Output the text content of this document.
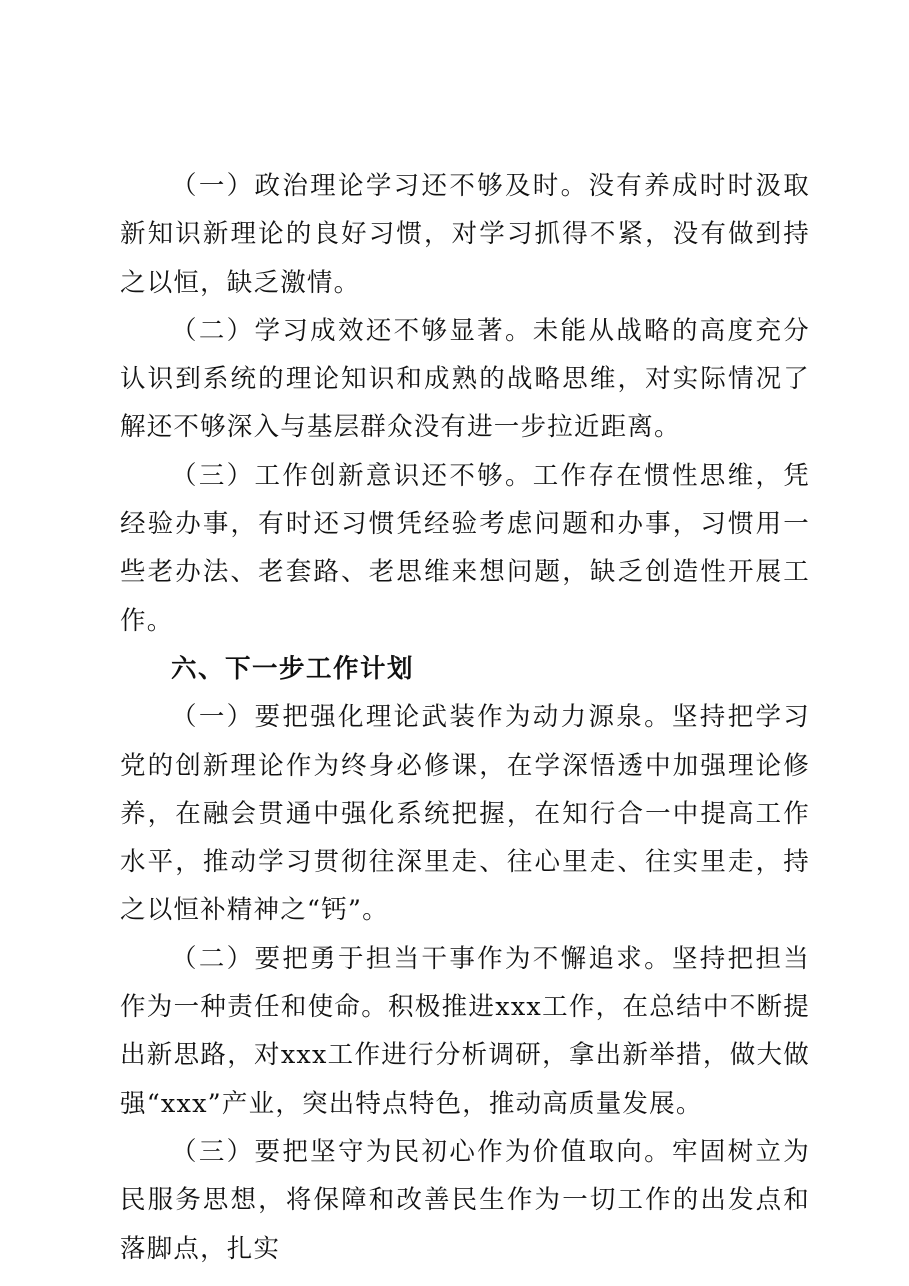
（一）政治理论学习还不够及时。没有养成时时汲取新知识新理论的良好习惯，对学习抓得不紧，没有做到持之以恒，缺乏激情。

（二）学习成效还不够显著。未能从战略的高度充分认识到系统的理论知识和成熟的战略思维，对实际情况了解还不够深入与基层群众没有进一步拉近距离。

（三）工作创新意识还不够。工作存在惯性思维，凭经验办事，有时还习惯凭经验考虑问题和办事，习惯用一些老办法、老套路、老思维来想问题，缺乏创造性开展工作。

六、下一步工作计划

（一）要把强化理论武装作为动力源泉。坚持把学习党的创新理论作为终身必修课，在学深悟透中加强理论修养，在融会贯通中强化系统把握，在知行合一中提高工作水平，推动学习贯彻往深里走、往心里走、往实里走，持之以恒补精神之“钙”。

（二）要把勇于担当干事作为不懈追求。坚持把担当作为一种责任和使命。积极推进xxx工作，在总结中不断提出新思路，对xxx工作进行分析调研，拿出新举措，做大做强“xxx”产业，突出特点特色，推动高质量发展。

（三）要把坚守为民初心作为价值取向。牢固树立为民服务思想，将保障和改善民生作为一切工作的出发点和落脚点，扎实
